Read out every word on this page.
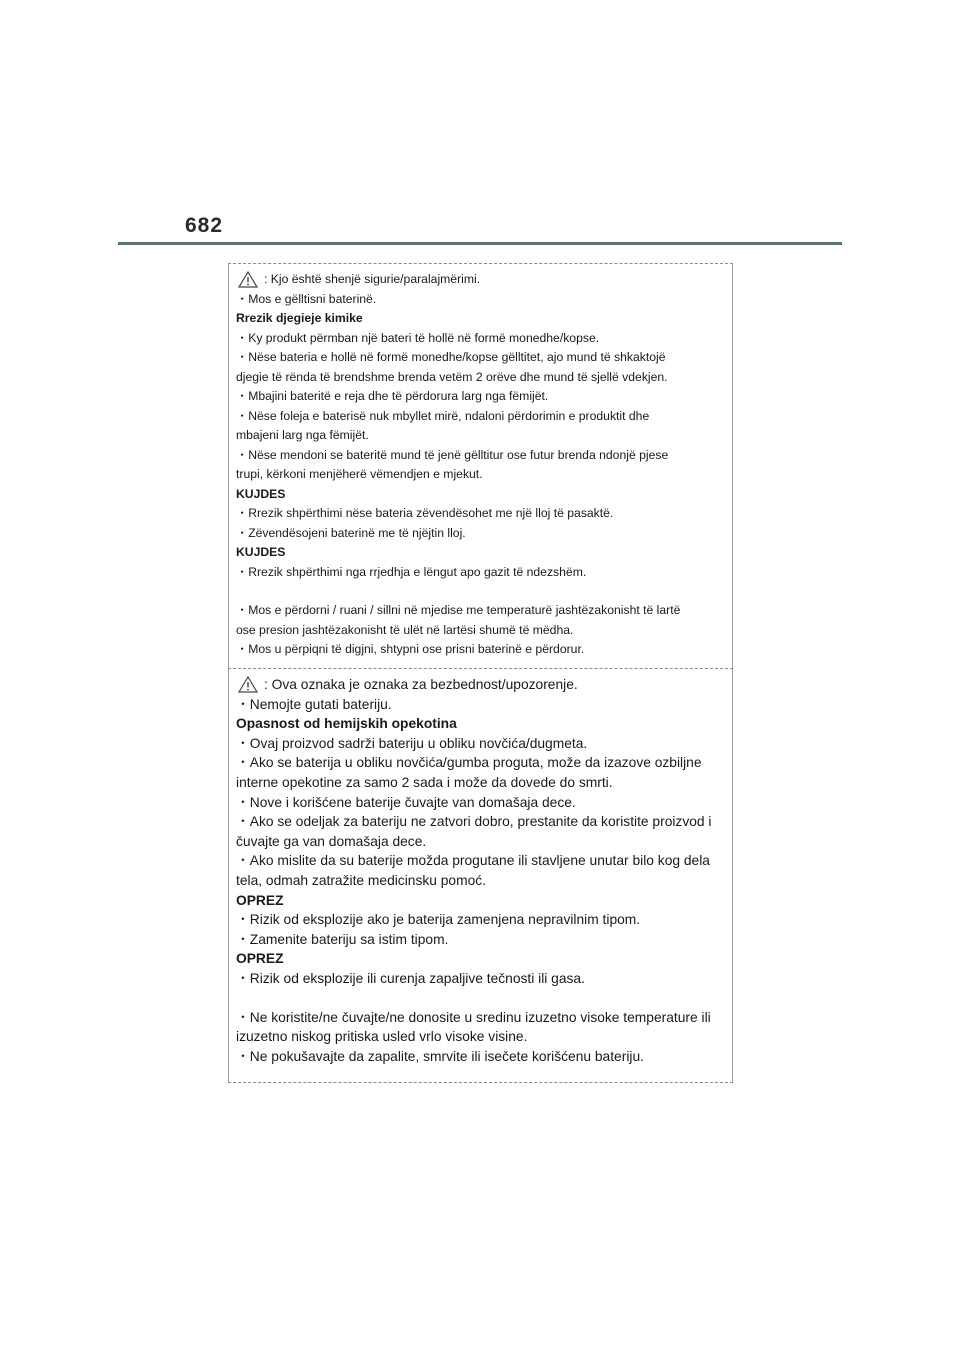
682
: Kjo është shenjë sigurie/paralajmërimi.
・ Mos e gëlltisni baterinë.
Rrezik djegieje kimike
・ Ky produkt përmban një bateri të hollë në formë monedhe/kopse.
・ Nëse bateria e hollë në formë monedhe/kopse gëlltitet, ajo mund të shkaktojë
djegie të rënda të brendshme brenda vetëm 2 orëve dhe mund të sjellë vdekjen.
・ Mbajini bateritë e reja dhe të përdorura larg nga fëmijët.
・ Nëse foleja e baterisë nuk mbyllet mirë, ndaloni përdorimin e produktit dhe
mbajeni larg nga fëmijët.
・ Nëse mendoni se bateritë mund të jenë gëlltitur ose futur brenda ndonjë pjese
trupi, kërkoni menjëherë vëmendjen e mjekut.
KUJDES
・ Rrezik shpërthimi nëse bateria zëvendësohet me një lloj të pasaktë.
・ Zëvendësojeni baterinë me të njëjtin lloj.
KUJDES
・ Rrezik shpërthimi nga rrjedhja e lëngut apo gazit të ndezshëm.
・ Mos e përdorni / ruani / sillni në mjedise me temperaturë jashtëzakonisht të lartë
ose presion jashtëzakonisht të ulët në lartësi shumë të mëdha.
・ Mos u përpiqni të digjni, shtypni ose prisni baterinë e përdorur.
: Ova oznaka je oznaka za bezbednost/upozorenje.
・ Nemojte gutati bateriju.
Opasnost od hemijskih opekotina
・ Ovaj proizvod sadrži bateriju u obliku novčića/dugmeta.
・ Ako se baterija u obliku novčića/gumba proguta, može da izazove ozbiljne
interne opekotine za samo 2 sada i može da dovede do smrti.
・ Nove i korišćene baterije čuvajte van domašaja dece.
・ Ako se odeljak za bateriju ne zatvori dobro, prestanite da koristite proizvod i
čuvajte ga van domašaja dece.
・ Ako mislite da su baterije možda progutane ili stavljene unutar bilo kog dela
tela, odmah zatražite medicinsku pomoć.
OPREZ
・ Rizik od eksplozije ako je baterija zamenjena nepravilnim tipom.
・ Zamenite bateriju sa istim tipom.
OPREZ
・ Rizik od eksplozije ili curenja zapaljive tečnosti ili gasa.
・ Ne koristite/ne čuvajte/ne donosite u sredinu izuzetno visoke temperature ili
izuzetno niskog pritiska usled vrlo visoke visine.
・ Ne pokušavajte da zapalite, smrvite ili isečete korišćenu bateriju.
